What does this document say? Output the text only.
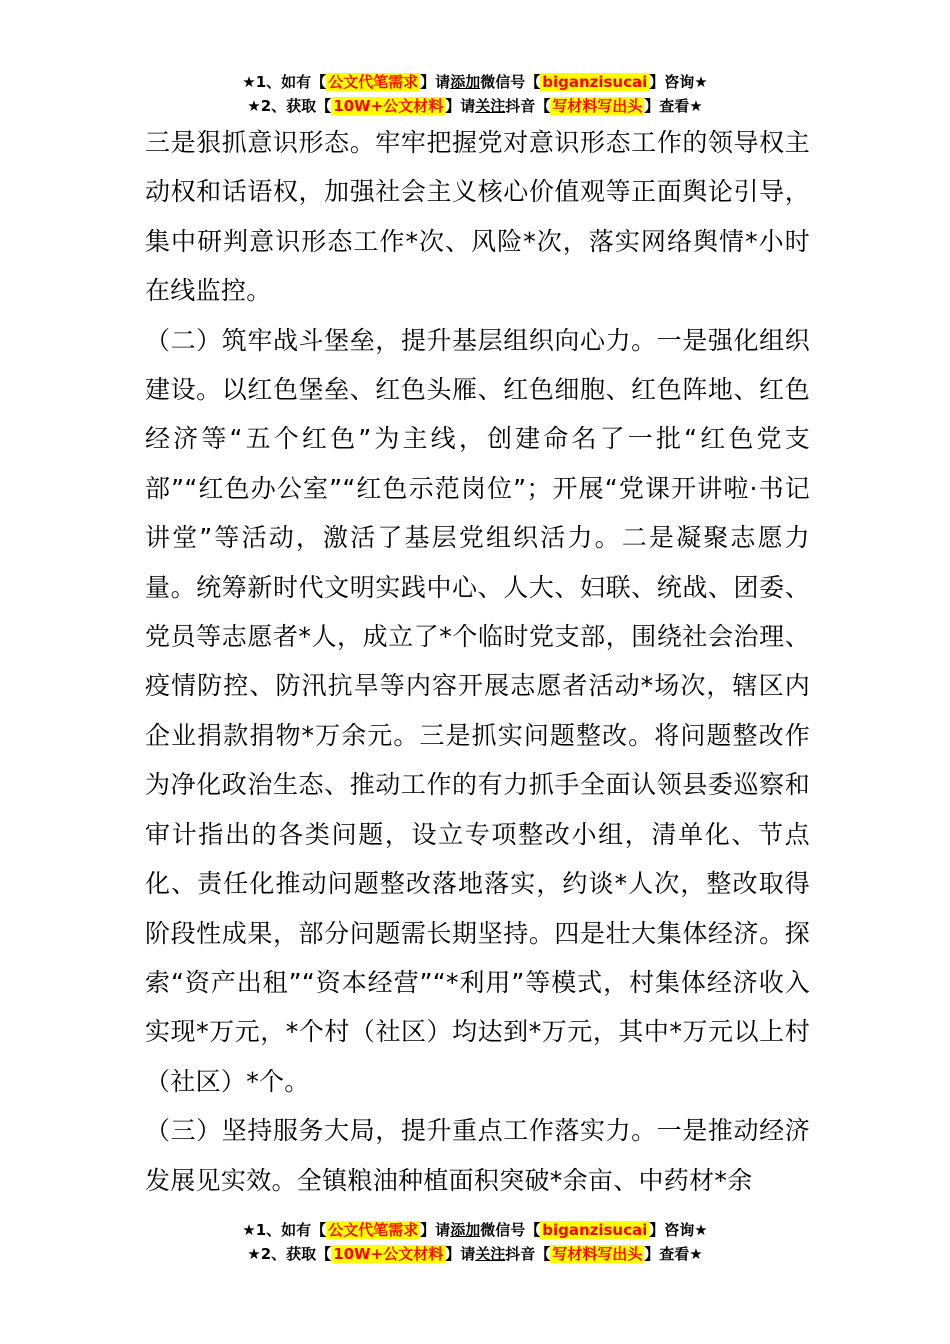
★1、如有【 公文代笔需求 】请添加微信号【 biganzisucai 】咨询★
★2、获取【 10W+公文材料 】请关注抖音【 写材料写出头 】查看★

三是狠抓意识形态。牢牢把握党对意识形态工作的领导权主动权和话语权，加强社会主义核心价值观等正面舆论引导，集中研判意识形态工作*次、风险*次，落实网络舆情*小时在线监控。

（二）筑牢战斗堡垒，提升基层组织向心力。一是强化组织建设。以红色堡垒、红色头雁、红色细胞、红色阵地、红色经济等“五个红色”为主线，创建命名了一批“红色党支部”“红色办公室”“红色示范岗位”；开展“党课开讲啦·书记讲堂”等活动，激活了基层党组织活力。二是凝聚志愿力量。统筹新时代文明实践中心、人大、妇联、统战、团委、党员等志愿者*人，成立了*个临时党支部，围绕社会治理、疫情防控、防汛抗旱等内容开展志愿者活动*场次，辖区内企业捐款捐物*万余元。三是抓实问题整改。将问题整改作为净化政治生态、推动工作的有力抓手全面认领县委巡察和审计指出的各类问题，设立专项整改小组，清单化、节点化、责任化推动问题整改落地落实，约谈*人次，整改取得阶段性成果，部分问题需长期坚持。四是壮大集体经济。探索“资产出租”“资本经营”“*利用”等模式，村集体经济收入实现*万元，*个村（社区）均达到*万元，其中*万元以上村（社区）*个。

（三）坚持服务大局，提升重点工作落实力。一是推动经济发展见实效。全镇粮油种植面积突破*余亩、中药材*余

★1、如有【 公文代笔需求 】请添加微信号【 biganzisucai 】咨询★
★2、获取【 10W+公文材料 】请关注抖音【 写材料写出头 】查看★
